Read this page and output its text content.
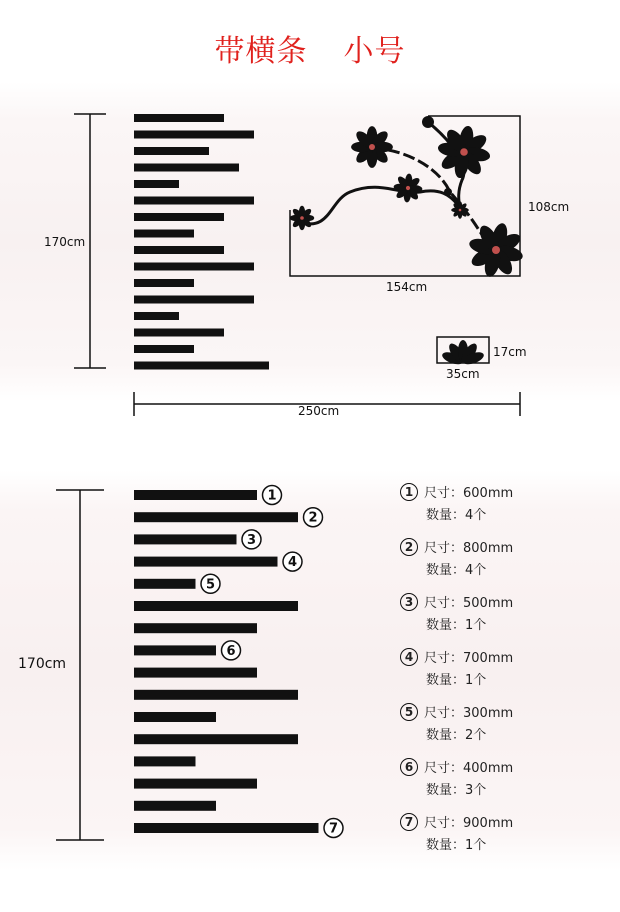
带横条 小号
170cm
250cm
108cm
154cm
17cm
35cm
170cm
1
2
3
4
5
6
7
1 尺寸：600mm
数量：4个
2 尺寸：800mm
数量：4个
3 尺寸：500mm
数量：1个
4 尺寸：700mm
数量：1个
5 尺寸：300mm
数量：2个
6 尺寸：400mm
数量：3个
7 尺寸：900mm
数量：1个
